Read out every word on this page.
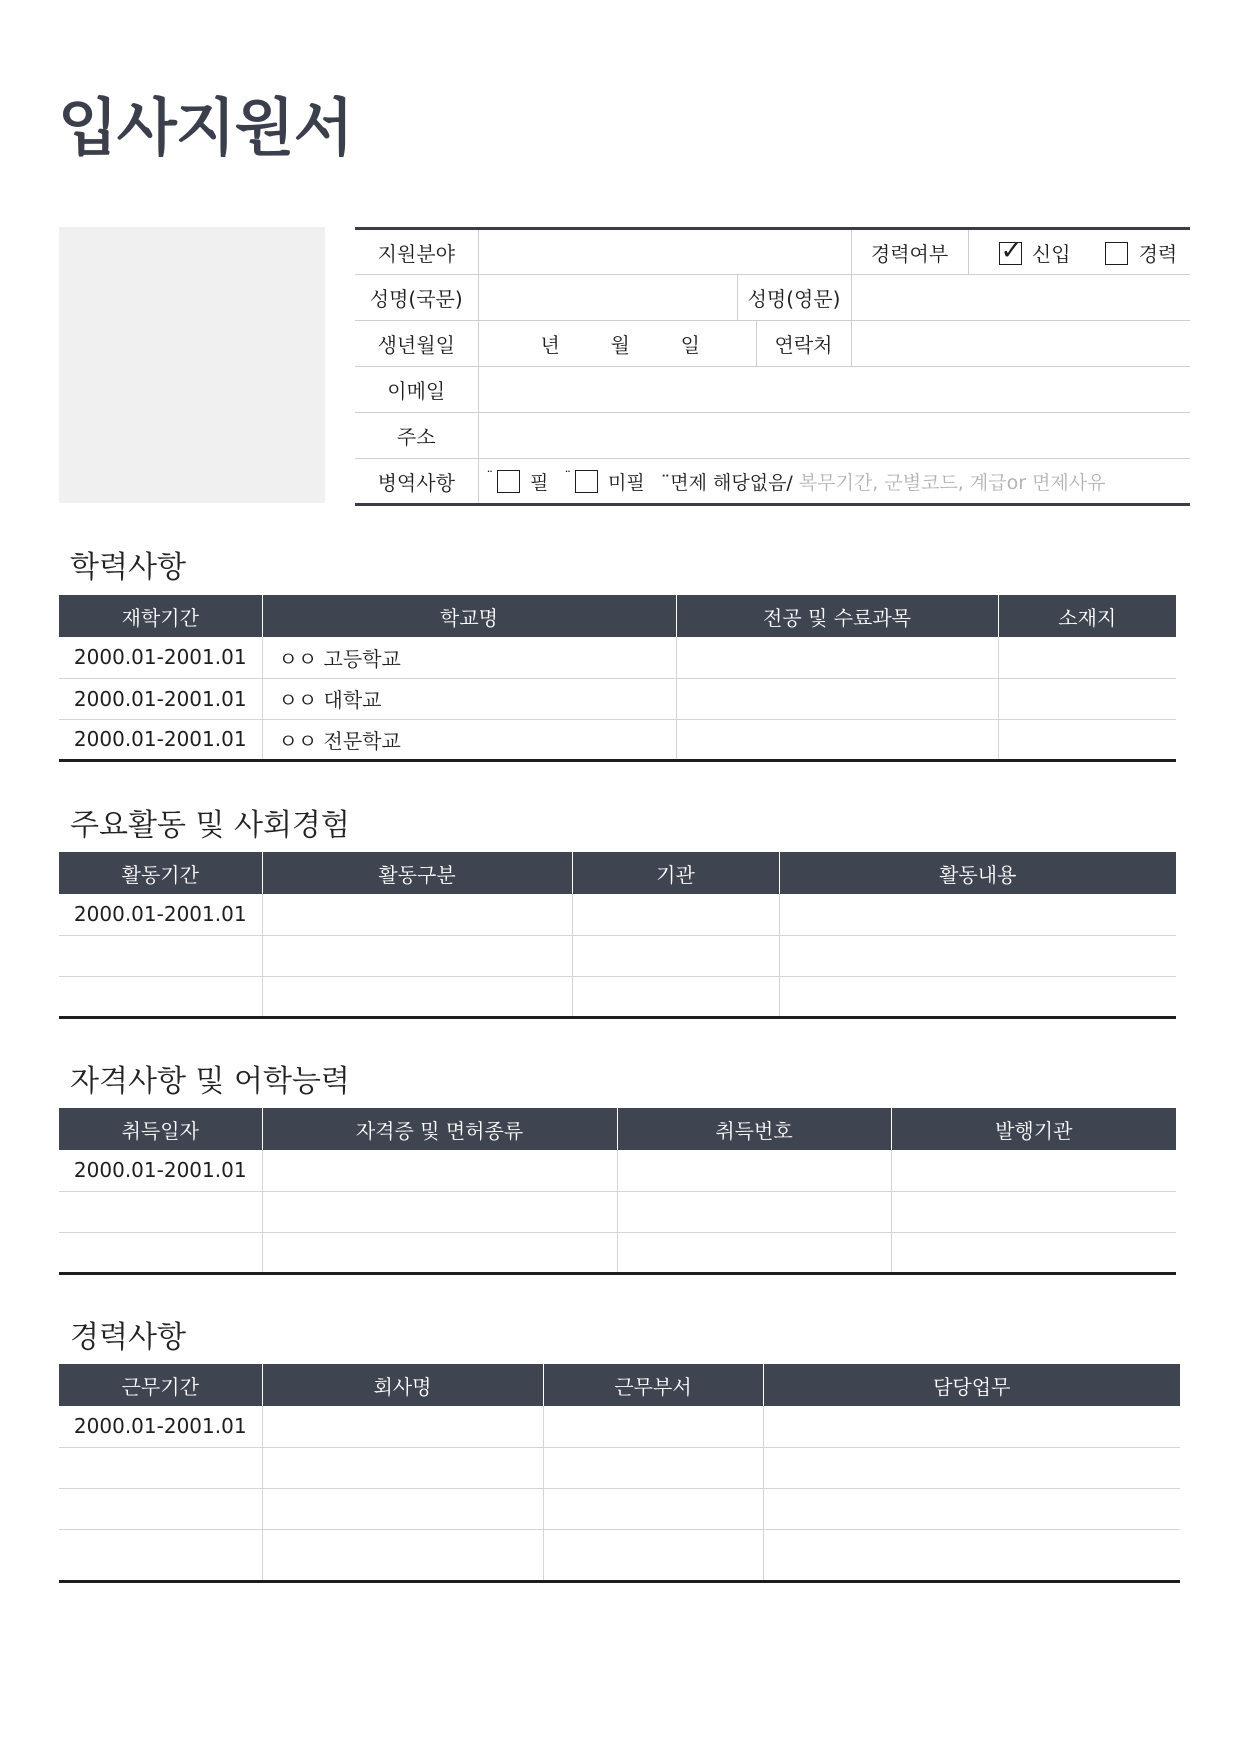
입사지원서
지원분야				경력여부	✓신입 경력
성명(국문)		성명(영문)			
생년월일	년 월 일		연락처		
이메일					
주소					
병역사항	¨ 필 ¨ 미필 ¨면제 해당없음/ 복무기간, 군별코드, 계급or 면제사유				
학력사항
재학기간	학교명	전공 및 수료과목	소재지
2000.01-2001.01	ㅇㅇ 고등학교		
2000.01-2001.01	ㅇㅇ 대학교		
2000.01-2001.01	ㅇㅇ 전문학교		
주요활동 및 사회경험
활동기간	활동구분	기관	활동내용
2000.01-2001.01			

자격사항 및 어학능력
취득일자	자격증 및 면허종류	취득번호	발행기관
2000.01-2001.01			

경력사항
근무기간	회사명	근무부서	담당업무
2000.01-2001.01			
